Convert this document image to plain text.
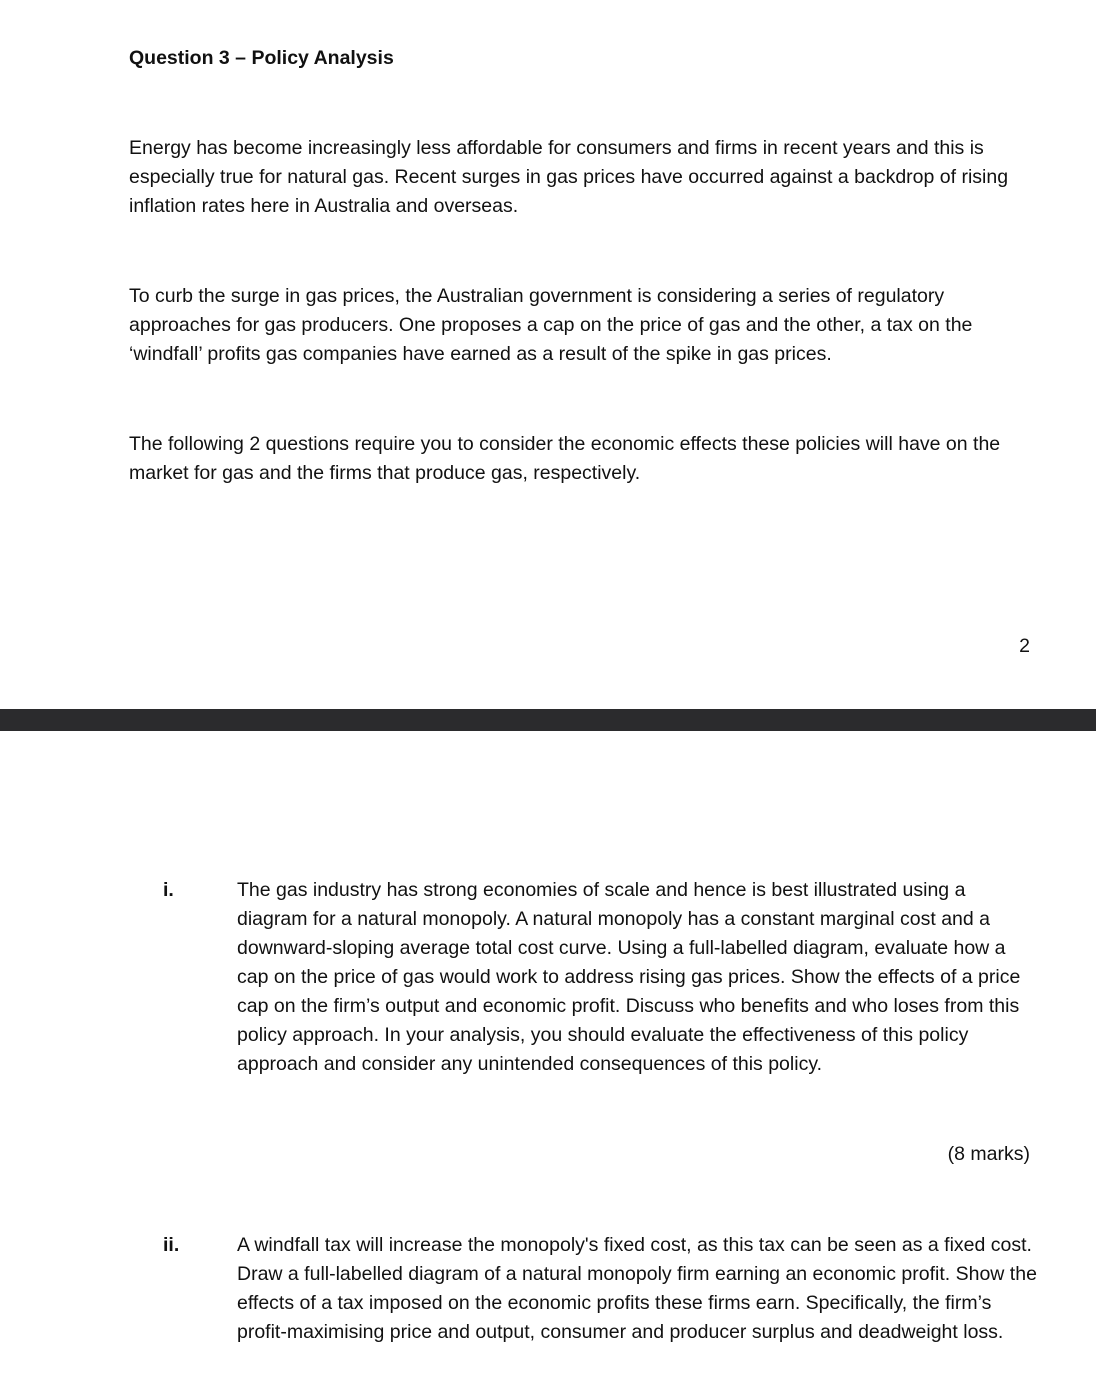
Question 3 – Policy Analysis
Energy has become increasingly less affordable for consumers and firms in recent years and this is especially true for natural gas. Recent surges in gas prices have occurred against a backdrop of rising inflation rates here in Australia and overseas.
To curb the surge in gas prices, the Australian government is considering a series of regulatory approaches for gas producers. One proposes a cap on the price of gas and the other, a tax on the ‘windfall’ profits gas companies have earned as a result of the spike in gas prices.
The following 2 questions require you to consider the economic effects these policies will have on the market for gas and the firms that produce gas, respectively.
2
i.	The gas industry has strong economies of scale and hence is best illustrated using a diagram for a natural monopoly. A natural monopoly has a constant marginal cost and a downward-sloping average total cost curve. Using a full-labelled diagram, evaluate how a cap on the price of gas would work to address rising gas prices. Show the effects of a price cap on the firm’s output and economic profit. Discuss who benefits and who loses from this policy approach. In your analysis, you should evaluate the effectiveness of this policy approach and consider any unintended consequences of this policy.
(8 marks)
ii.	A windfall tax will increase the monopoly's fixed cost, as this tax can be seen as a fixed cost. Draw a full-labelled diagram of a natural monopoly firm earning an economic profit. Show the effects of a tax imposed on the economic profits these firms earn. Specifically, the firm’s profit-maximising price and output, consumer and producer surplus and deadweight loss.
